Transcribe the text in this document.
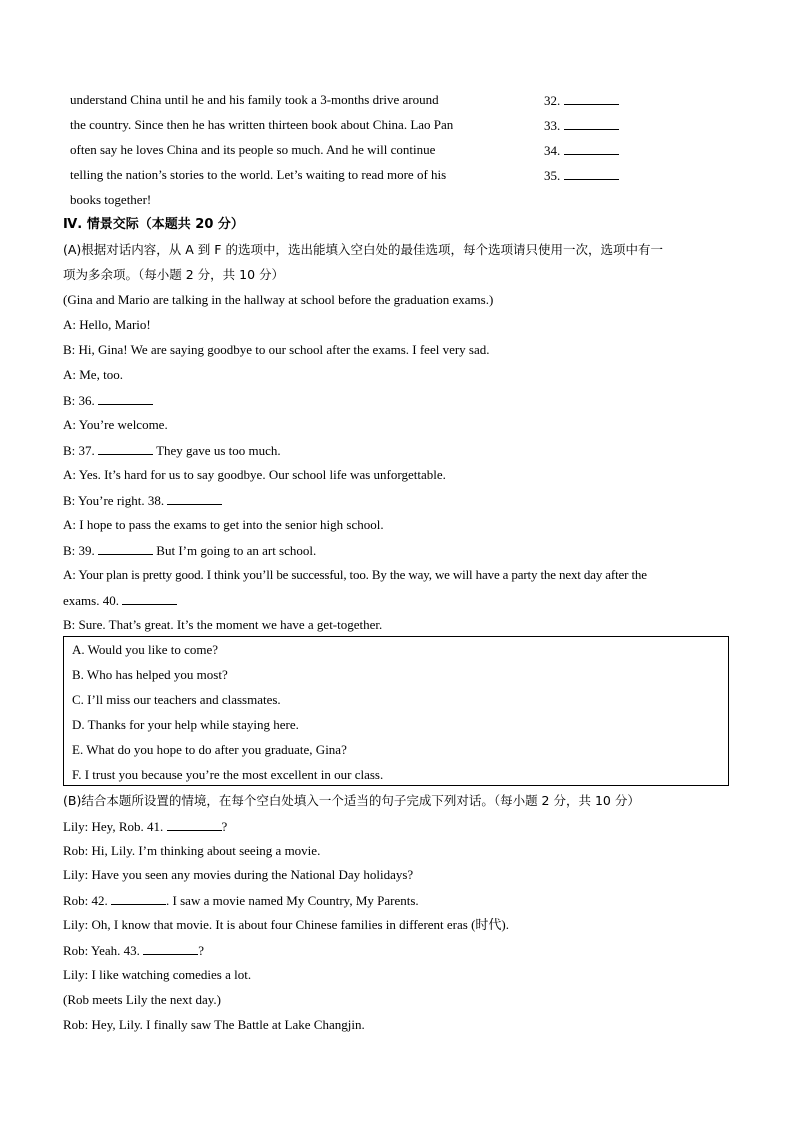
understand China until he and his family took a 3-months drive around
the country. Since then he has written thirteen book about China. Lao Pan
often say he loves China and its people so much. And he will continue
telling the nation’s stories to the world. Let’s waiting to read more of his
books together!
32.
33.
34.
35.
Ⅳ. 情景交际（本题共 20 分）
(A)根据对话内容，从 A 到 F 的选项中，选出能填入空白处的最佳选项，每个选项请只使用一次，选项中有一
项为多余项。（每小题 2 分，共 10 分）
(Gina and Mario are talking in the hallway at school before the graduation exams.)
A: Hello, Mario!
B: Hi, Gina! We are saying goodbye to our school after the exams. I feel very sad.
A: Me, too.
B: 36.
A: You’re welcome.
B: 37.	They gave us too much.
A: Yes. It’s hard for us to say goodbye. Our school life was unforgettable.
B: You’re right. 38.
A: I hope to pass the exams to get into the senior high school.
B: 39.	But I’m going to an art school.
A: Your plan is pretty good. I think you’ll be successful, too. By the way, we will have a party the next day after the
exams. 40.
B: Sure. That’s great. It’s the moment we have a get-together.
A. Would you like to come?
B. Who has helped you most?
C. I’ll miss our teachers and classmates.
D. Thanks for your help while staying here.
E. What do you hope to do after you graduate, Gina?
F. I trust you because you’re the most excellent in our class.
(B)结合本题所设置的情境，在每个空白处填入一个适当的句子完成下列对话。（每小题 2 分，共 10 分）
Lily: Hey, Rob. 41.	?
Rob: Hi, Lily. I’m thinking about seeing a movie.
Lily: Have you seen any movies during the National Day holidays?
Rob: 42.	. I saw a movie named My Country, My Parents.
Lily: Oh, I know that movie. It is about four Chinese families in different eras (时代).
Rob: Yeah. 43.	?
Lily: I like watching comedies a lot.
(Rob meets Lily the next day.)
Rob: Hey, Lily. I finally saw The Battle at Lake Changjin.
